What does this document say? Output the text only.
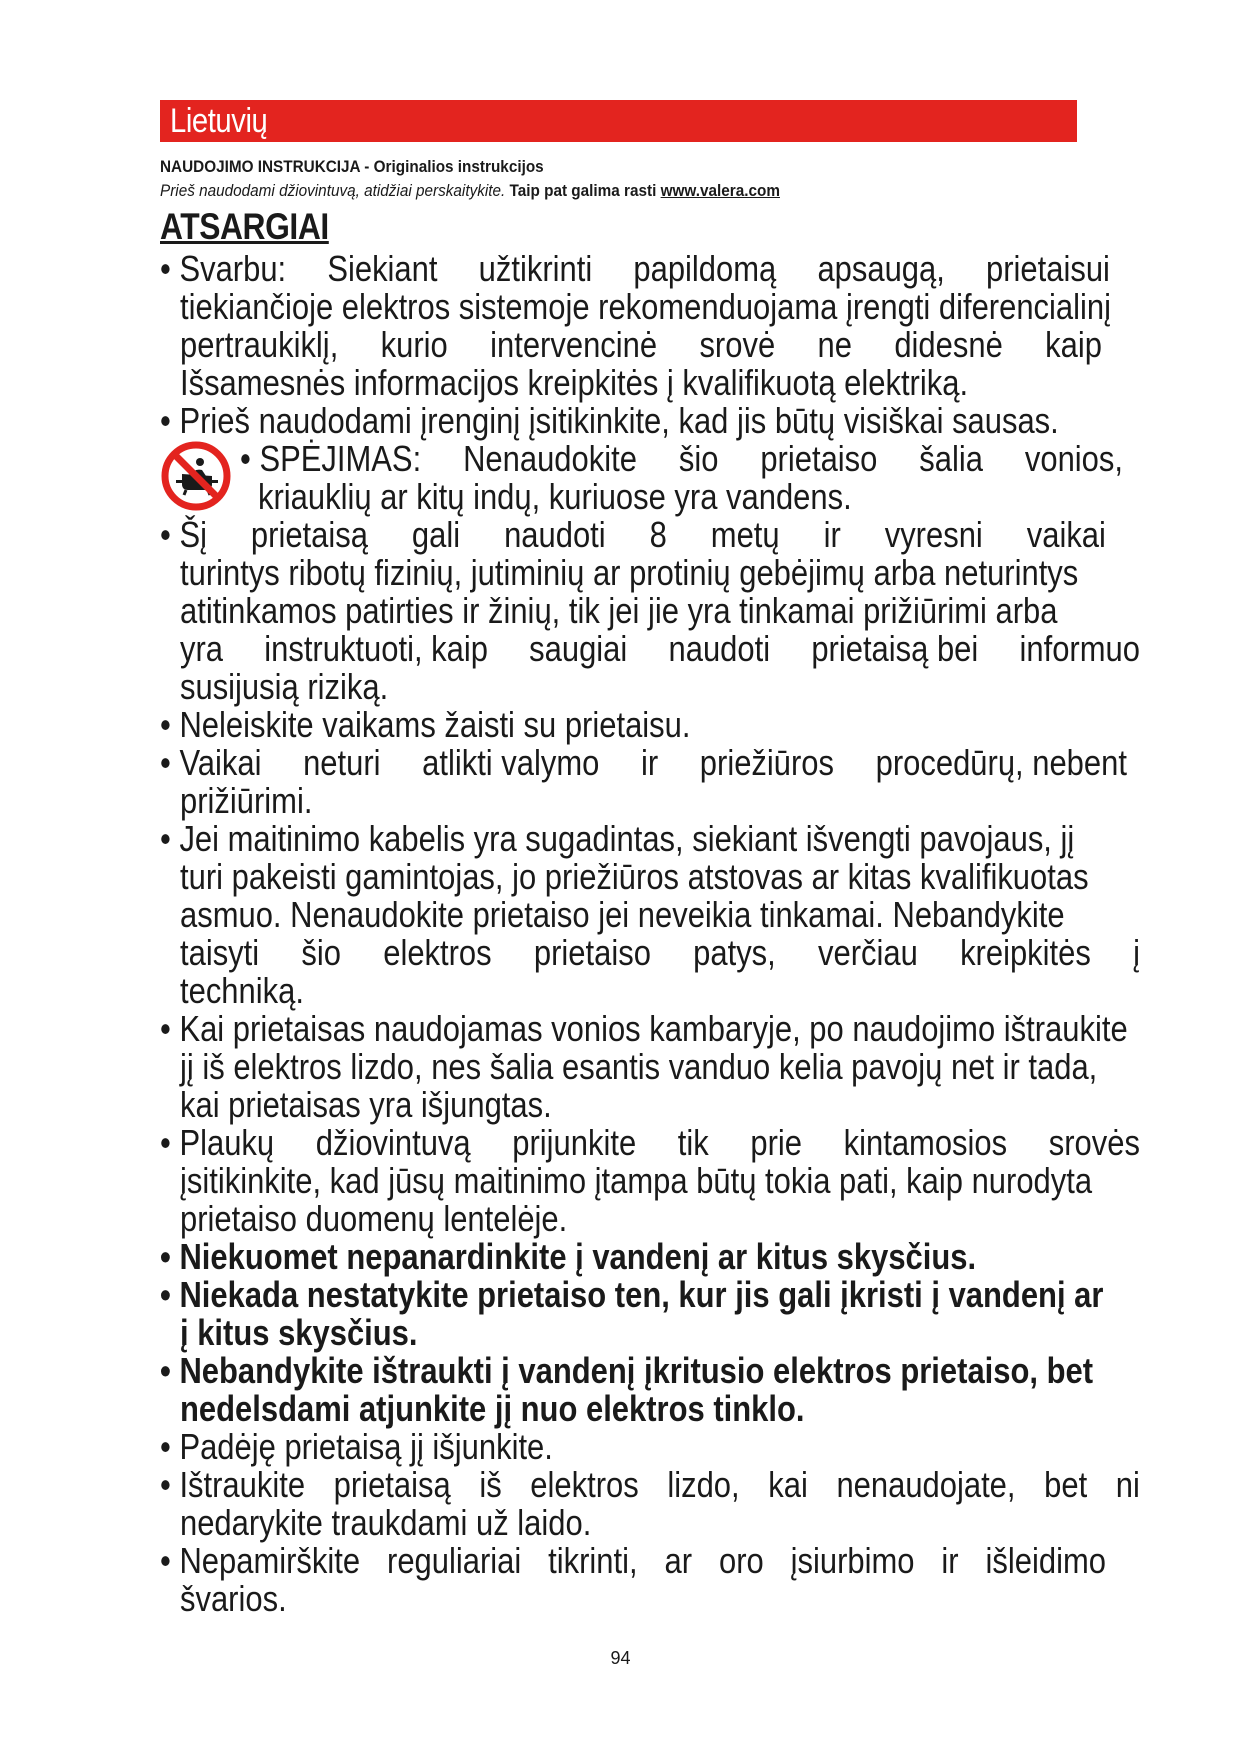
Lietuvių
NAUDOJIMO INSTRUKCIJA - Originalios instrukcijos
Prieš naudodami džiovintuvą, atidžiai perskaitykite. Taip pat galima rasti www.valera.com
ATSARGIAI
• Svarbu: Siekiant užtikrinti papildomą apsaugą, prietaisui
tiekiančioje elektros sistemoje rekomenduojama įrengti diferencialinį
pertraukiklį, kurio intervencinė srovė ne didesnė kaip
Išsamesnės informacijos kreipkitės į kvalifikuotą elektriką.
• Prieš naudodami įrenginį įsitikinkite, kad jis būtų visiškai sausas.
• SPĖJIMAS: Nenaudokite šio prietaiso šalia vonios,
kriauklių ar kitų indų, kuriuose yra vandens.
• Šį prietaisą gali naudoti 8 metų ir vyresni vaikai
turintys ribotų fizinių, jutiminių ar protinių gebėjimų arba neturintys
atitinkamos patirties ir žinių, tik jei jie yra tinkamai prižiūrimi arba
yra instruktuoti, kaip saugiai naudoti prietaisą bei informuo
susijusią riziką.
• Neleiskite vaikams žaisti su prietaisu.
• Vaikai neturi atlikti valymo ir priežiūros procedūrų, nebent
prižiūrimi.
• Jei maitinimo kabelis yra sugadintas, siekiant išvengti pavojaus, jį
turi pakeisti gamintojas, jo priežiūros atstovas ar kitas kvalifikuotas
asmuo. Nenaudokite prietaiso jei neveikia tinkamai. Nebandykite
taisyti šio elektros prietaiso patys, verčiau kreipkitės į
techniką.
• Kai prietaisas naudojamas vonios kambaryje, po naudojimo ištraukite
jį iš elektros lizdo, nes šalia esantis vanduo kelia pavojų net ir tada,
kai prietaisas yra išjungtas.
• Plaukų džiovintuvą prijunkite tik prie kintamosios srovės
įsitikinkite, kad jūsų maitinimo įtampa būtų tokia pati, kaip nurodyta
prietaiso duomenų lentelėje.
• Niekuomet nepanardinkite į vandenį ar kitus skysčius.
• Niekada nestatykite prietaiso ten, kur jis gali įkristi į vandenį ar
į kitus skysčius.
• Nebandykite ištraukti į vandenį įkritusio elektros prietaiso, bet
nedelsdami atjunkite jį nuo elektros tinklo.
• Padėję prietaisą jį išjunkite.
• Ištraukite prietaisą iš elektros lizdo, kai nenaudojate, bet ni
nedarykite traukdami už laido.
• Nepamirškite reguliariai tikrinti, ar oro įsiurbimo ir išleidimo
švarios.
94
